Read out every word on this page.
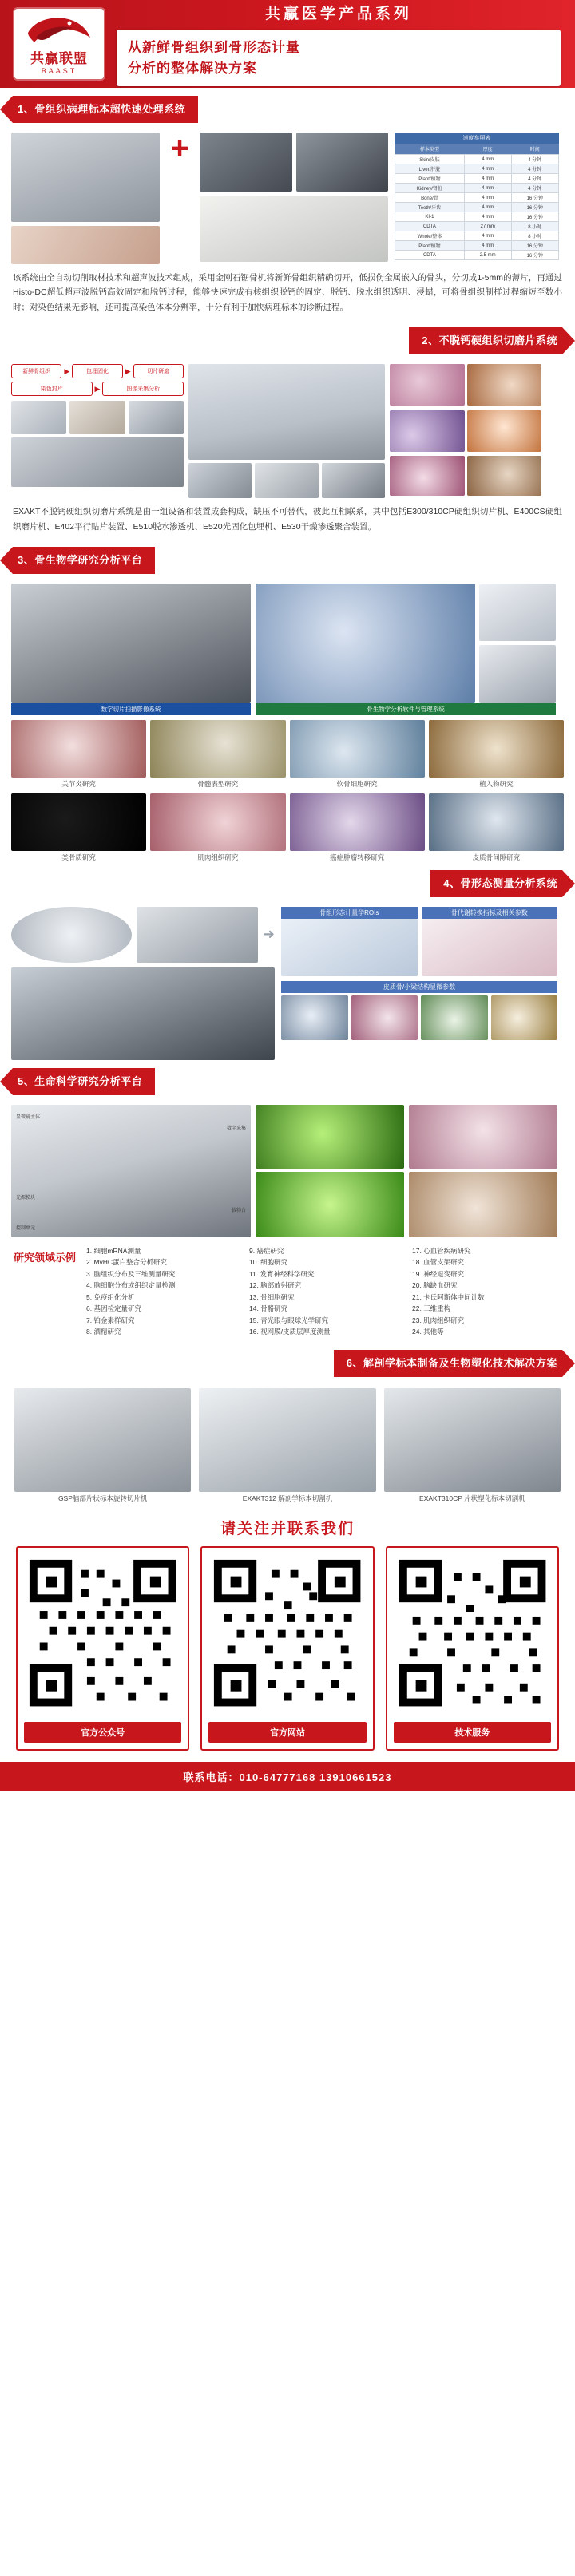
共赢联盟
BAAST
共赢医学产品系列
从新鲜骨组织到骨形态计量
分析的整体解决方案
1、骨组织病理标本超快速处理系统
+	速度参照表
样本类型	厚度	时间
Skin/皮肤	4 mm	4 分钟
Liver/肝脏	4 mm	4 分钟
Plant/植物	4 mm	4 分钟
Kidney/肾脏	4 mm	4 分钟
Bone/骨	4 mm	16 分钟
Teeth/牙齿	4 mm	16 分钟
KI-1	4 mm	16 分钟
CDTA	27 mm	8 小时
Whole/整体	4 mm	8 小时
Plant/植物	4 mm	16 分钟
CDTA	2.5 mm	16 分钟
该系统由全自动切削取材技术和超声波技术组成，采用金刚石锯骨机将新鲜骨组织精确切开，低损伤金属嵌入的骨头，分切成1-5mm的薄片，再通过Histo-DC超低超声波脱钙高效固定和脱钙过程，能够快速完成有核组织脱钙的固定、脱钙、脱水组织透明、浸蜡，可将骨组织制样过程缩短至数小时；对染色结果无影响，还可提高染色体本分辨率，十分有利于加快病理标本的诊断进程。
2、不脱钙硬组织切磨片系统
新鲜骨组织	▶	包埋固化	▶	切片研磨
染色封片	▶	图像采集分析
EXAKT不脱钙硬组织切磨片系统是由一组设备和装置成套构成，缺压不可替代，彼此互相联系，其中包括E300/310CP硬组织切片机、E400CS硬组织磨片机、E402平行贴片装置、E510脱水渗透机、E520光固化包埋机、E530干燥渗透聚合装置。
3、骨生物学研究分析平台
数字切片扫描影像系统	骨生物学分析软件与管理系统
关节炎研究	骨髓表型研究	软骨细胞研究	植入物研究
类骨质研究	肌肉组织研究	癌症肿瘤转移研究	皮质骨间隙研究
4、骨形态测量分析系统
➜
骨组形态计量学ROIs	骨代谢转换指标及相关参数
皮质骨/小梁结构显微参数
5、生命科学研究分析平台
显微镜主体
数字采集
光源模块
载物台
控制单元
研究领域示例
1. 细胞mRNA测量
2. MvHC蛋白整合分析研究
3. 脑组织分布及三维测量研究
4. 脑细胞分布或组织定量检测
5. 免疫组化分析
6. 基因检定量研究
7. 铂金素样研究
8. 酒精研究
9. 癌症研究
10. 细胞研究
11. 发育神经科学研究
12. 脑部放射研究
13. 骨细胞研究
14. 骨骼研究
15. 青光眼与眼球光学研究
16. 视网膜/皮质层厚度测量
17. 心血管疾病研究
18. 血管支架研究
19. 神经退变研究
20. 脑缺血研究
21. 卡氏阿斯体中间计数
22. 三维重构
23. 肌肉组织研究
24. 其他等
6、解剖学标本制备及生物塑化技术解决方案
GSP脑部片状标本旋转切片机	EXAKT312 解剖学标本切割机	EXAKT310CP 片状塑化标本切割机
请关注并联系我们
官方公众号	官方网站	技术服务
联系电话：010-64777168 13910661523
